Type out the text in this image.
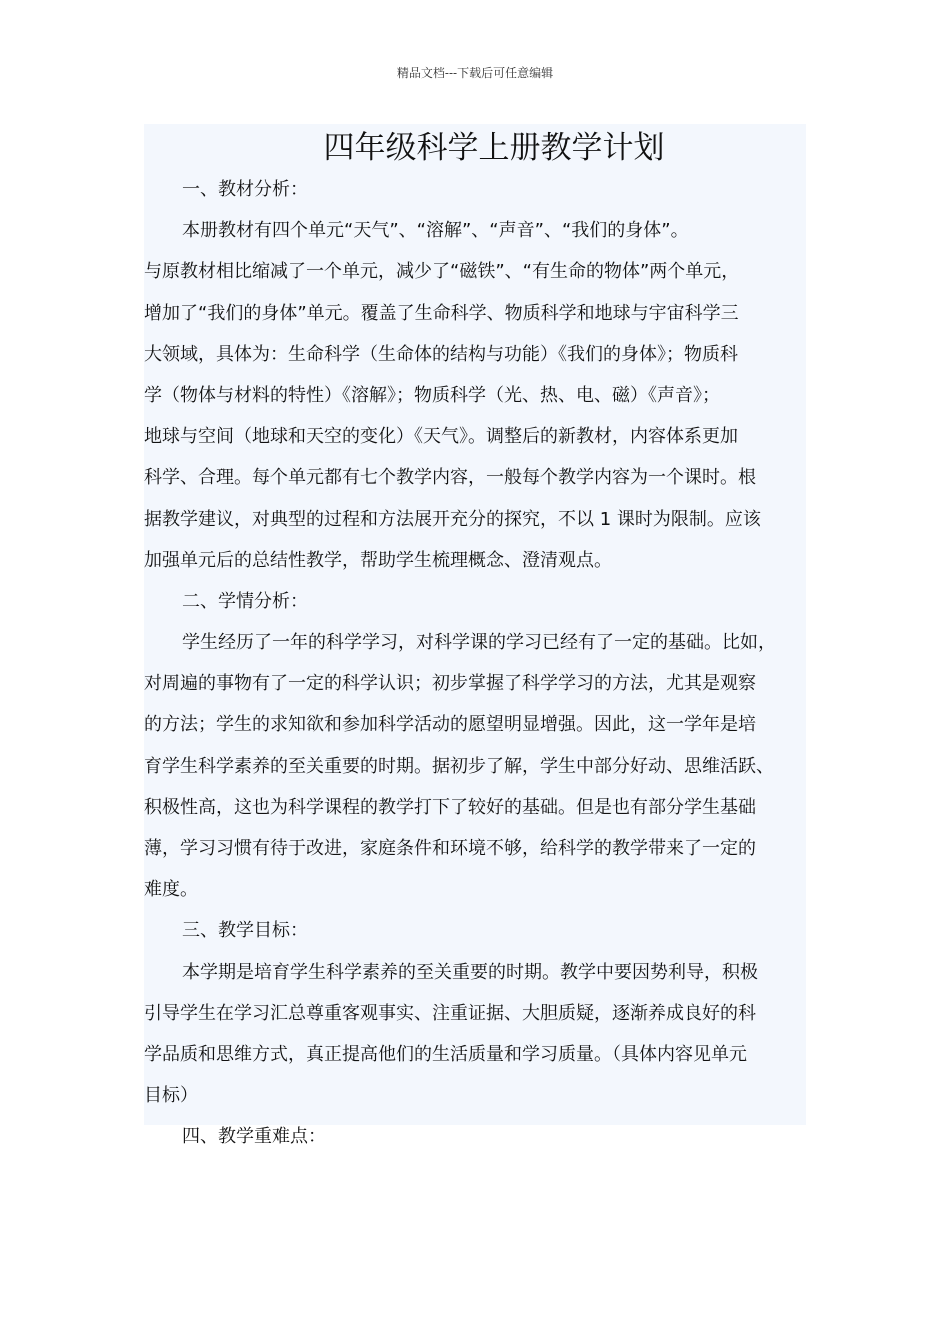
精品文档---下载后可任意编辑
四年级科学上册教学计划
一、教材分析：
本册教材有四个单元“天气”、“溶解”、“声音”、“我们的身体”。
与原教材相比缩减了一个单元，减少了“磁铁”、“有生命的物体”两个单元，
增加了“我们的身体”单元。覆盖了生命科学、物质科学和地球与宇宙科学三
大领域，具体为：生命科学（生命体的结构与功能）《我们的身体》；物质科
学（物体与材料的特性）《溶解》；物质科学（光、热、电、磁）《声音》；
地球与空间（地球和天空的变化）《天气》。调整后的新教材，内容体系更加
科学、合理。每个单元都有七个教学内容，一般每个教学内容为一个课时。根
据教学建议，对典型的过程和方法展开充分的探究，不以 1 课时为限制。应该
加强单元后的总结性教学，帮助学生梳理概念、澄清观点。
二、学情分析：
学生经历了一年的科学学习，对科学课的学习已经有了一定的基础。比如，
对周遍的事物有了一定的科学认识；初步掌握了科学学习的方法，尤其是观察
的方法；学生的求知欲和参加科学活动的愿望明显增强。因此，这一学年是培
育学生科学素养的至关重要的时期。据初步了解，学生中部分好动、思维活跃、
积极性高，这也为科学课程的教学打下了较好的基础。但是也有部分学生基础
薄，学习习惯有待于改进，家庭条件和环境不够，给科学的教学带来了一定的
难度。
三、教学目标：
本学期是培育学生科学素养的至关重要的时期。教学中要因势利导，积极
引导学生在学习汇总尊重客观事实、注重证据、大胆质疑，逐渐养成良好的科
学品质和思维方式，真正提高他们的生活质量和学习质量。（具体内容见单元
目标）
四、教学重难点：
